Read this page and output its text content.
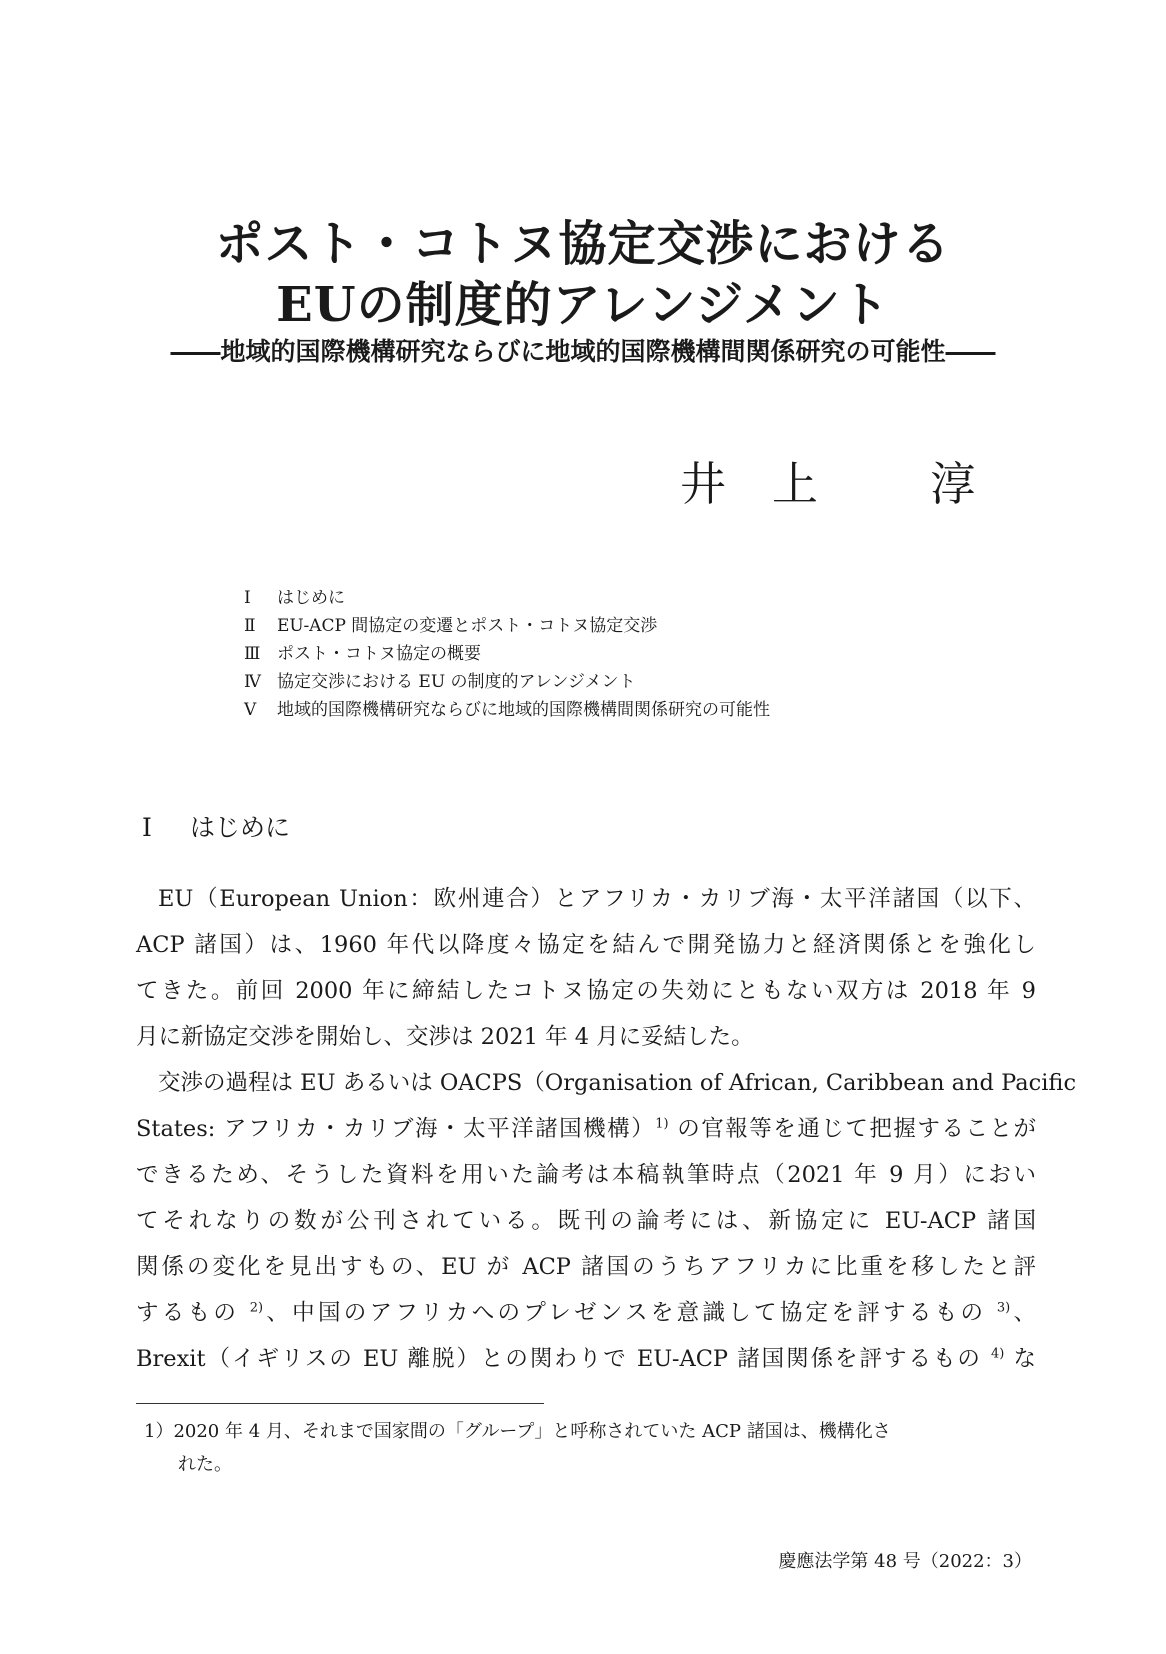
ポスト・コトヌ協定交渉における
EUの制度的アレンジメント
――地域的国際機構研究ならびに地域的国際機構間関係研究の可能性――
井　上 淳
Ⅰ はじめに
Ⅱ EU-ACP 間協定の変遷とポスト・コトヌ協定交渉
Ⅲ ポスト・コトヌ協定の概要
Ⅳ 協定交渉における EU の制度的アレンジメント
Ⅴ 地域的国際機構研究ならびに地域的国際機構間関係研究の可能性
Ⅰ はじめに
EU（European Union：欧州連合）とアフリカ・カリブ海・太平洋諸国（以下、
ACP 諸国）は、1960 年代以降度々協定を結んで開発協力と経済関係とを強化し
てきた。前回 2000 年に締結したコトヌ協定の失効にともない双方は 2018 年 9
月に新協定交渉を開始し、交渉は 2021 年 4 月に妥結した。
交渉の過程は EU あるいは OACPS（Organisation of African, Caribbean and Pacific
States: アフリカ・カリブ海・太平洋諸国機構）$^{1)}$ の官報等を通じて把握することが
できるため、そうした資料を用いた論考は本稿執筆時点（2021 年 9 月）におい
てそれなりの数が公刊されている。既刊の論考には、新協定に EU-ACP 諸国
関係の変化を見出すもの、EU が ACP 諸国のうちアフリカに比重を移したと評
するもの $^{2)}$、中国のアフリカへのプレゼンスを意識して協定を評するもの $^{3)}$、
Brexit（イギリスの EU 離脱）との関わりで EU-ACP 諸国関係を評するもの $^{4)}$ な
1）2020 年 4 月、それまで国家間の「グループ」と呼称されていた ACP 諸国は、機構化さ
れた。
慶應法学第 48 号（2022：3）
